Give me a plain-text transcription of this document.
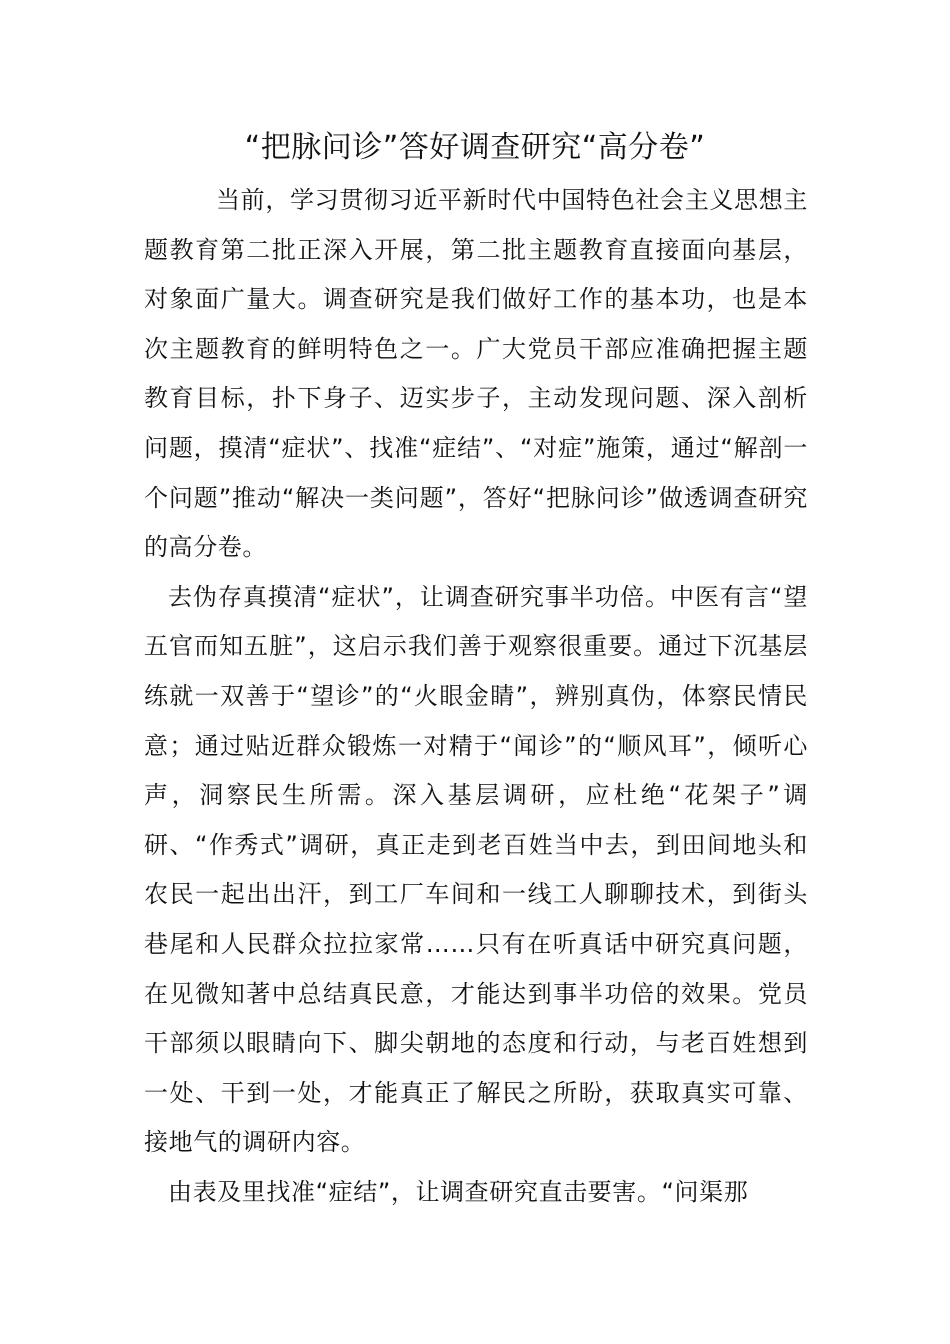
“把脉问诊”答好调查研究“高分卷”

当前，学习贯彻习近平新时代中国特色社会主义思想主题教育第二批正深入开展，第二批主题教育直接面向基层，对象面广量大。调查研究是我们做好工作的基本功，也是本次主题教育的鲜明特色之一。广大党员干部应准确把握主题教育目标，扑下身子、迈实步子，主动发现问题、深入剖析问题，摸清“症状”、找准“症结”、“对症”施策，通过“解剖一个问题”推动“解决一类问题”，答好“把脉问诊”做透调查研究的高分卷。

去伪存真摸清“症状”，让调查研究事半功倍。中医有言“望五官而知五脏”，这启示我们善于观察很重要。通过下沉基层练就一双善于“望诊”的“火眼金睛”，辨别真伪，体察民情民意；通过贴近群众锻炼一对精于“闻诊”的“顺风耳”，倾听心声，洞察民生所需。深入基层调研，应杜绝“花架子”调研、“作秀式”调研，真正走到老百姓当中去，到田间地头和农民一起出出汗，到工厂车间和一线工人聊聊技术，到街头巷尾和人民群众拉拉家常……只有在听真话中研究真问题，在见微知著中总结真民意，才能达到事半功倍的效果。党员干部须以眼睛向下、脚尖朝地的态度和行动，与老百姓想到一处、干到一处，才能真正了解民之所盼，获取真实可靠、接地气的调研内容。

由表及里找准“症结”，让调查研究直击要害。“问渠那
